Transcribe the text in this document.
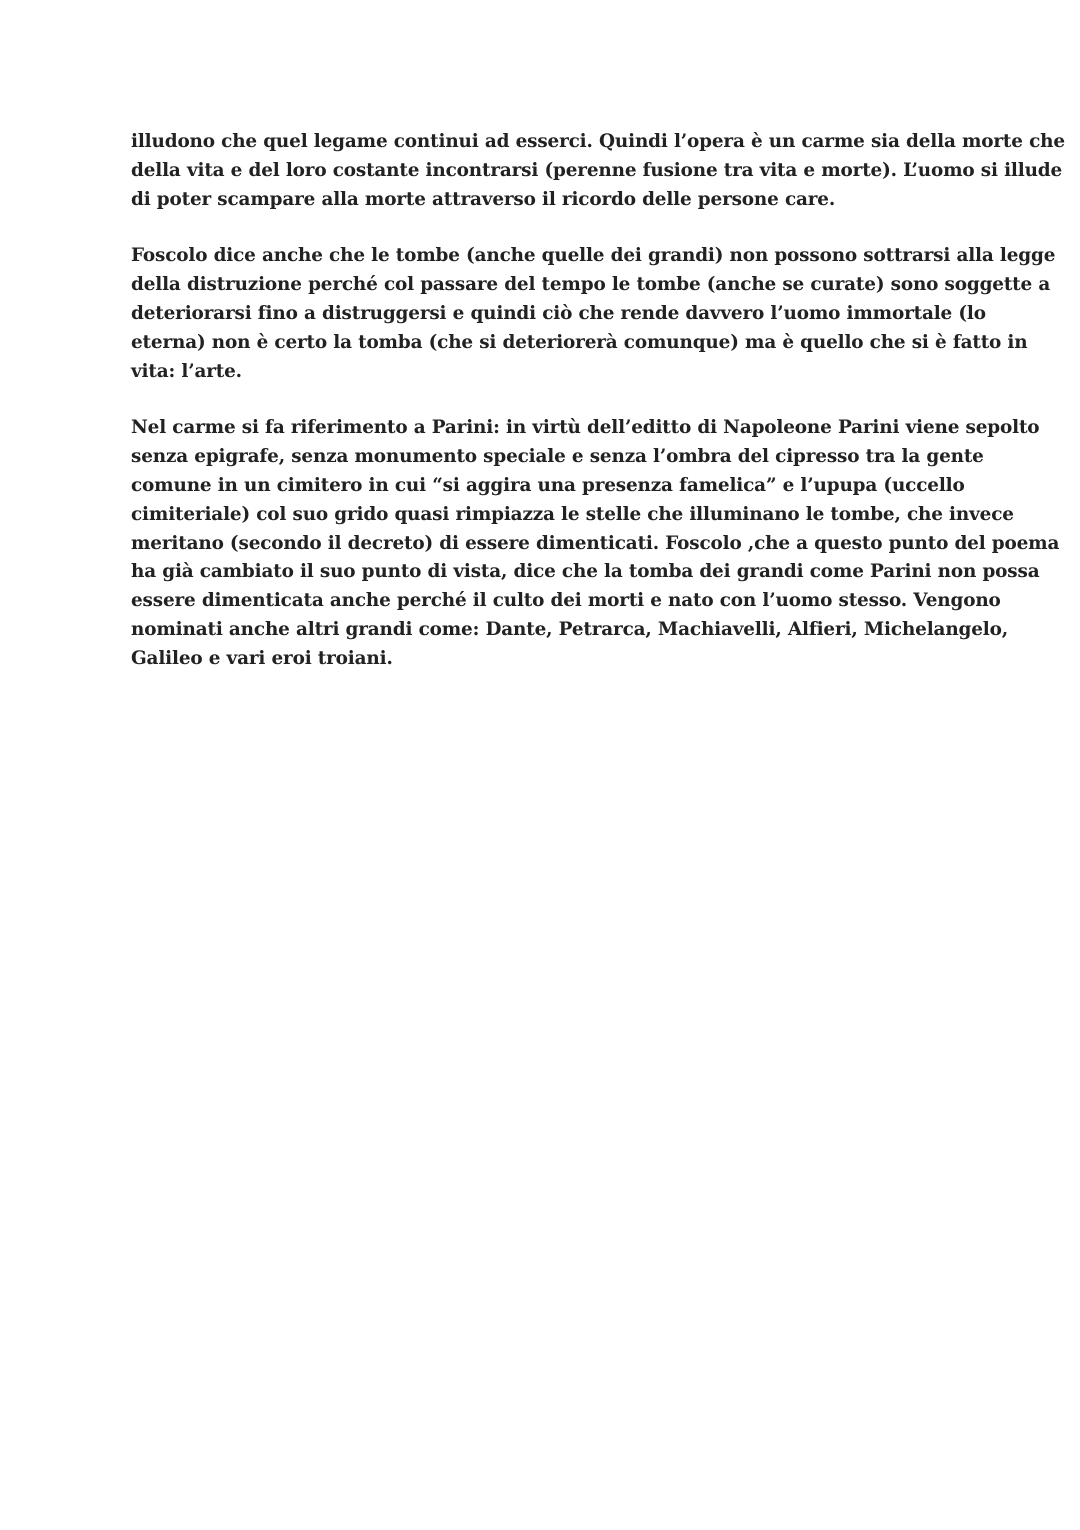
illudono che quel legame continui ad esserci. Quindi l’opera è un carme sia della morte che
della vita e del loro costante incontrarsi (perenne fusione tra vita e morte). L’uomo si illude
di poter scampare alla morte attraverso il ricordo delle persone care.

Foscolo dice anche che le tombe (anche quelle dei grandi) non possono sottrarsi alla legge
della distruzione perché col passare del tempo le tombe (anche se curate) sono soggette a
deteriorarsi fino a distruggersi e quindi ciò che rende davvero l’uomo immortale (lo
eterna) non è certo la tomba (che si deteriorerà comunque) ma è quello che si è fatto in
vita: l’arte.

Nel carme si fa riferimento a Parini: in virtù dell’editto di Napoleone Parini viene sepolto
senza epigrafe, senza monumento speciale e senza l’ombra del cipresso tra la gente
comune in un cimitero in cui “si aggira una presenza famelica” e l’upupa (uccello
cimiteriale) col suo grido quasi rimpiazza le stelle che illuminano le tombe, che invece
meritano (secondo il decreto) di essere dimenticati. Foscolo ,che a questo punto del poema
ha già cambiato il suo punto di vista, dice che la tomba dei grandi come Parini non possa
essere dimenticata anche perché il culto dei morti e nato con l’uomo stesso. Vengono
nominati anche altri grandi come: Dante, Petrarca, Machiavelli, Alfieri, Michelangelo,
Galileo e vari eroi troiani.
